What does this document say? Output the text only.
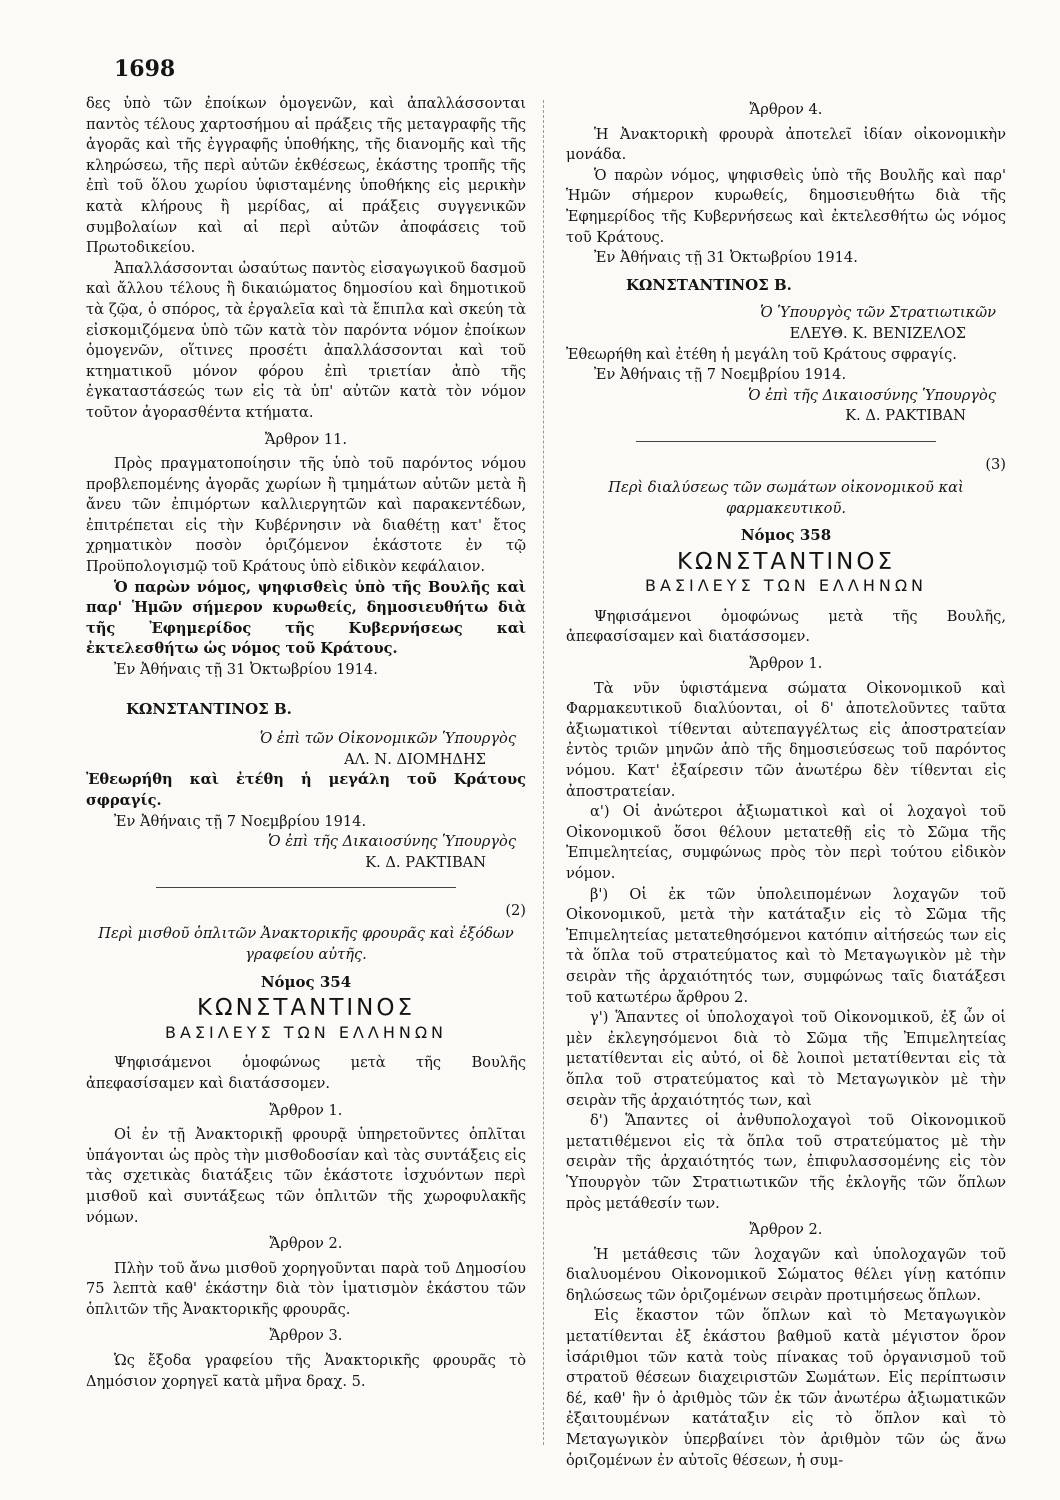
1698

δες ὑπὸ τῶν ἐποίκων ὁμογενῶν, καὶ ἀπαλλάσσονται παντὸς τέλους χαρτοσήμου αἱ πράξεις τῆς μεταγραφῆς τῆς ἀγορᾶς καὶ τῆς ἐγγραφῆς ὑποθήκης, τῆς διανομῆς καὶ τῆς κληρώσεω, τῆς περὶ αὐτῶν ἐκθέσεως, ἑκάστης τροπῆς τῆς ἐπὶ τοῦ ὅλου χωρίου ὑφισταμένης ὑποθήκης εἰς μερικὴν κατὰ κλήρους ἢ μερίδας, αἱ πράξεις συγγενικῶν συμβολαίων καὶ αἱ περὶ αὐτῶν ἀποφάσεις τοῦ Πρωτοδικείου.

Ἀπαλλάσσονται ὡσαύτως παντὸς εἰσαγωγικοῦ δασμοῦ καὶ ἄλλου τέλους ἢ δικαιώματος δημοσίου καὶ δημοτικοῦ τὰ ζῷα, ὁ σπόρος, τὰ ἐργαλεῖα καὶ τὰ ἔπιπλα καὶ σκεύη τὰ εἰσκομιζόμενα ὑπὸ τῶν κατὰ τὸν παρόντα νόμον ἐποίκων ὁμογενῶν, οἵτινες προσέτι ἀπαλλάσσονται καὶ τοῦ κτηματικοῦ μόνον φόρου ἐπὶ τριετίαν ἀπὸ τῆς ἐγκαταστάσεώς των εἰς τὰ ὑπ' αὐτῶν κατὰ τὸν νόμον τοῦτον ἀγορασθέντα κτήματα.

Ἄρθρον 11.

Πρὸς πραγματοποίησιν τῆς ὑπὸ τοῦ παρόντος νόμου προβλεπομένης ἀγορᾶς χωρίων ἢ τμημάτων αὐτῶν μετὰ ἢ ἄνευ τῶν ἐπιμόρτων καλλιεργητῶν καὶ παρακεντέδων, ἐπιτρέπεται εἰς τὴν Κυβέρνησιν νὰ διαθέτῃ κατ' ἔτος χρηματικὸν ποσὸν ὁριζόμενον ἑκάστοτε ἐν τῷ Προϋπολογισμῷ τοῦ Κράτους ὑπὸ εἰδικὸν κεφάλαιον.

Ὁ παρὼν νόμος, ψηφισθεὶς ὑπὸ τῆς Βουλῆς καὶ παρ' Ἡμῶν σήμερον κυρωθείς, δημοσιευθήτω διὰ τῆς Ἐφημερίδος τῆς Κυβερνήσεως καὶ ἐκτελεσθήτω ὡς νόμος τοῦ Κράτους.

Ἐν Ἀθήναις τῇ 31 Ὀκτωβρίου 1914.

ΚΩΝΣΤΑΝΤΙΝΟΣ Β.

Ὁ ἐπὶ τῶν Οἰκονομικῶν Ὑπουργὸς

ΑΛ. Ν. ΔΙΟΜΗΔΗΣ

Ἐθεωρήθη καὶ ἐτέθη ἡ μεγάλη τοῦ Κράτους σφραγίς.

Ἐν Ἀθήναις τῇ 7 Νοεμβρίου 1914.

Ὁ ἐπὶ τῆς Δικαιοσύνης Ὑπουργὸς

Κ. Δ. ΡΑΚΤΙΒΑΝ

(2)

Περὶ μισθοῦ ὁπλιτῶν Ἀνακτορικῆς φρουρᾶς καὶ ἐξόδων γραφείου αὐτῆς.

Νόμος 354

ΚΩΝΣΤΑΝΤΙΝΟΣ
ΒΑΣΙΛΕΥΣ ΤΩΝ ΕΛΛΗΝΩΝ

Ψηφισάμενοι ὁμοφώνως μετὰ τῆς Βουλῆς ἀπεφασίσαμεν καὶ διατάσσομεν.

Ἄρθρον 1.

Οἱ ἐν τῇ Ἀνακτορικῇ φρουρᾷ ὑπηρετοῦντες ὁπλῖται ὑπάγονται ὡς πρὸς τὴν μισθοδοσίαν καὶ τὰς συντάξεις εἰς τὰς σχετικὰς διατάξεις τῶν ἑκάστοτε ἰσχυόντων περὶ μισθοῦ καὶ συντάξεως τῶν ὁπλιτῶν τῆς χωροφυλακῆς νόμων.

Ἄρθρον 2.

Πλὴν τοῦ ἄνω μισθοῦ χορηγοῦνται παρὰ τοῦ Δημοσίου 75 λεπτὰ καθ' ἑκάστην διὰ τὸν ἱματισμὸν ἑκάστου τῶν ὁπλιτῶν τῆς Ἀνακτορικῆς φρουρᾶς.

Ἄρθρον 3.

Ὡς ἔξοδα γραφείου τῆς Ἀνακτορικῆς φρουρᾶς τὸ Δημόσιον χορηγεῖ κατὰ μῆνα δραχ. 5.

Ἄρθρον 4.

Ἡ Ἀνακτορικὴ φρουρὰ ἀποτελεῖ ἰδίαν οἰκονομικὴν μονάδα.

Ὁ παρὼν νόμος, ψηφισθεὶς ὑπὸ τῆς Βουλῆς καὶ παρ' Ἡμῶν σήμερον κυρωθείς, δημοσιευθήτω διὰ τῆς Ἐφημερίδος τῆς Κυβερνήσεως καὶ ἐκτελεσθήτω ὡς νόμος τοῦ Κράτους.

Ἐν Ἀθήναις τῇ 31 Ὀκτωβρίου 1914.

ΚΩΝΣΤΑΝΤΙΝΟΣ Β.

Ὁ Ὑπουργὸς τῶν Στρατιωτικῶν

ΕΛΕΥΘ. Κ. ΒΕΝΙΖΕΛΟΣ

Ἐθεωρήθη καὶ ἐτέθη ἡ μεγάλη τοῦ Κράτους σφραγίς.

Ἐν Ἀθήναις τῇ 7 Νοεμβρίου 1914.

Ὁ ἐπὶ τῆς Δικαιοσύνης Ὑπουργὸς

Κ. Δ. ΡΑΚΤΙΒΑΝ

(3)

Περὶ διαλύσεως τῶν σωμάτων οἰκονομικοῦ καὶ φαρμακευτικοῦ.

Νόμος 358

ΚΩΝΣΤΑΝΤΙΝΟΣ
ΒΑΣΙΛΕΥΣ ΤΩΝ ΕΛΛΗΝΩΝ

Ψηφισάμενοι ὁμοφώνως μετὰ τῆς Βουλῆς, ἀπεφασίσαμεν καὶ διατάσσομεν.

Ἄρθρον 1.

Τὰ νῦν ὑφιστάμενα σώματα Οἰκονομικοῦ καὶ Φαρμακευτικοῦ διαλύονται, οἱ δ' ἀποτελοῦντες ταῦτα ἀξιωματικοὶ τίθενται αὐτεπαγγέλτως εἰς ἀποστρατείαν ἐντὸς τριῶν μηνῶν ἀπὸ τῆς δημοσιεύσεως τοῦ παρόντος νόμου. Κατ' ἐξαίρεσιν τῶν ἀνωτέρω δὲν τίθενται εἰς ἀποστρατείαν.

α') Οἱ ἀνώτεροι ἀξιωματικοὶ καὶ οἱ λοχαγοὶ τοῦ Οἰκονομικοῦ ὅσοι θέλουν μετατεθῇ εἰς τὸ Σῶμα τῆς Ἐπιμελητείας, συμφώνως πρὸς τὸν περὶ τούτου εἰδικὸν νόμον.

β') Οἱ ἐκ τῶν ὑπολειπομένων λοχαγῶν τοῦ Οἰκονομικοῦ, μετὰ τὴν κατάταξιν εἰς τὸ Σῶμα τῆς Ἐπιμελητείας μετατεθησόμενοι κατόπιν αἰτήσεώς των εἰς τὰ ὅπλα τοῦ στρατεύματος καὶ τὸ Μεταγωγικὸν μὲ τὴν σειρὰν τῆς ἀρχαιότητός των, συμφώνως ταῖς διατάξεσι τοῦ κατωτέρω ἄρθρου 2.

γ') Ἅπαντες οἱ ὑπολοχαγοὶ τοῦ Οἰκονομικοῦ, ἐξ ὧν οἱ μὲν ἐκλεγησόμενοι διὰ τὸ Σῶμα τῆς Ἐπιμελητείας μετατίθενται εἰς αὐτό, οἱ δὲ λοιποὶ μετατίθενται εἰς τὰ ὅπλα τοῦ στρατεύματος καὶ τὸ Μεταγωγικὸν μὲ τὴν σειρὰν τῆς ἀρχαιότητός των, καὶ

δ') Ἅπαντες οἱ ἀνθυπολοχαγοὶ τοῦ Οἰκονομικοῦ μετατιθέμενοι εἰς τὰ ὅπλα τοῦ στρατεύματος μὲ τὴν σειρὰν τῆς ἀρχαιότητός των, ἐπιφυλασσομένης εἰς τὸν Ὑπουργὸν τῶν Στρατιωτικῶν τῆς ἐκλογῆς τῶν ὅπλων πρὸς μετάθεσίν των.

Ἄρθρον 2.

Ἡ μετάθεσις τῶν λοχαγῶν καὶ ὑπολοχαγῶν τοῦ διαλυομένου Οἰκονομικοῦ Σώματος θέλει γίνῃ κατόπιν δηλώσεως τῶν ὁριζομένων σειρὰν προτιμήσεως ὅπλων.

Εἰς ἕκαστον τῶν ὅπλων καὶ τὸ Μεταγωγικὸν μετατίθενται ἐξ ἑκάστου βαθμοῦ κατὰ μέγιστον ὅρον ἰσάριθμοι τῶν κατὰ τοὺς πίνακας τοῦ ὀργανισμοῦ τοῦ στρατοῦ θέσεων διαχειριστῶν Σωμάτων. Εἰς περίπτωσιν δέ, καθ' ἣν ὁ ἀριθμὸς τῶν ἐκ τῶν ἀνωτέρω ἀξιωματικῶν ἐξαιτουμένων κατάταξιν εἰς τὸ ὅπλον καὶ τὸ Μεταγωγικὸν ὑπερβαίνει τὸν ἀριθμὸν τῶν ὡς ἄνω ὁριζομένων ἐν αὐτοῖς θέσεων, ἡ συμ-
